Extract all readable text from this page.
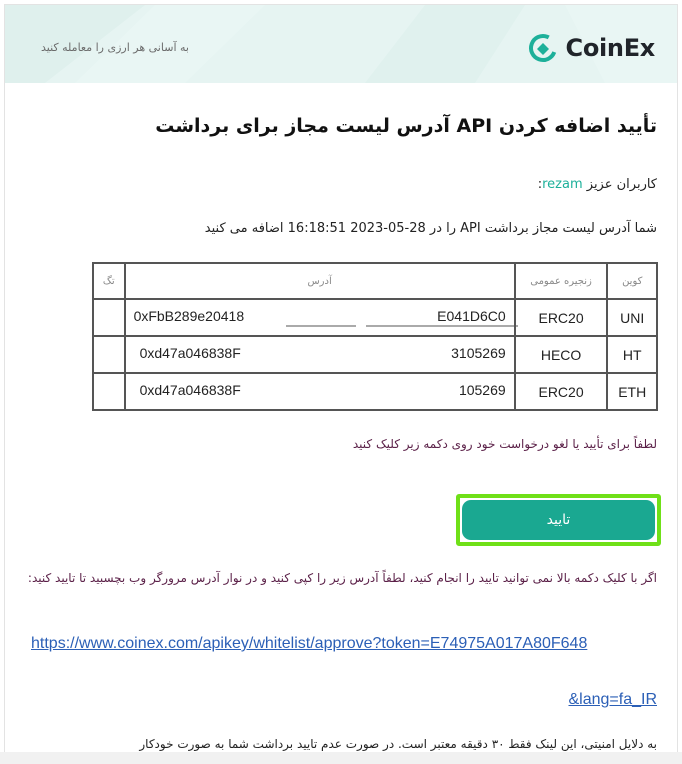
به آسانی هر ارزی را معامله کنید	CoinEx
تأیید اضافه کردن API آدرس لیست مجاز برای برداشت
کاربران عزیز rezam:
شما آدرس لیست مجاز برداشت API را در 28-05-2023 16:18:51 اضافه می کنید
تگ	آدرس	زنجیره عمومی	کوین

	0xFbB289e20418 E041D6C0	ERC20	UNI

	0xd47a046838F 3105269	HECO	HT

	0xd47a046838F 105269	ERC20	ETH
لطفاً برای تأیید یا لغو درخواست خود روی دکمه زیر کلیک کنید
تایید
اگر با کلیک دکمه بالا نمی توانید تایید را انجام کنید، لطفاً آدرس زیر را کپی کنید و در نوار آدرس مرورگر وب بچسبید تا تایید کنید:
https://www.coinex.com/apikey/whitelist/approve?token=E74975A017A80F648
&lang=fa_IR
به دلایل امنیتی، این لینک فقط ۳۰ دقیقه معتبر است. در صورت عدم تایید برداشت شما به صورت خودکار
